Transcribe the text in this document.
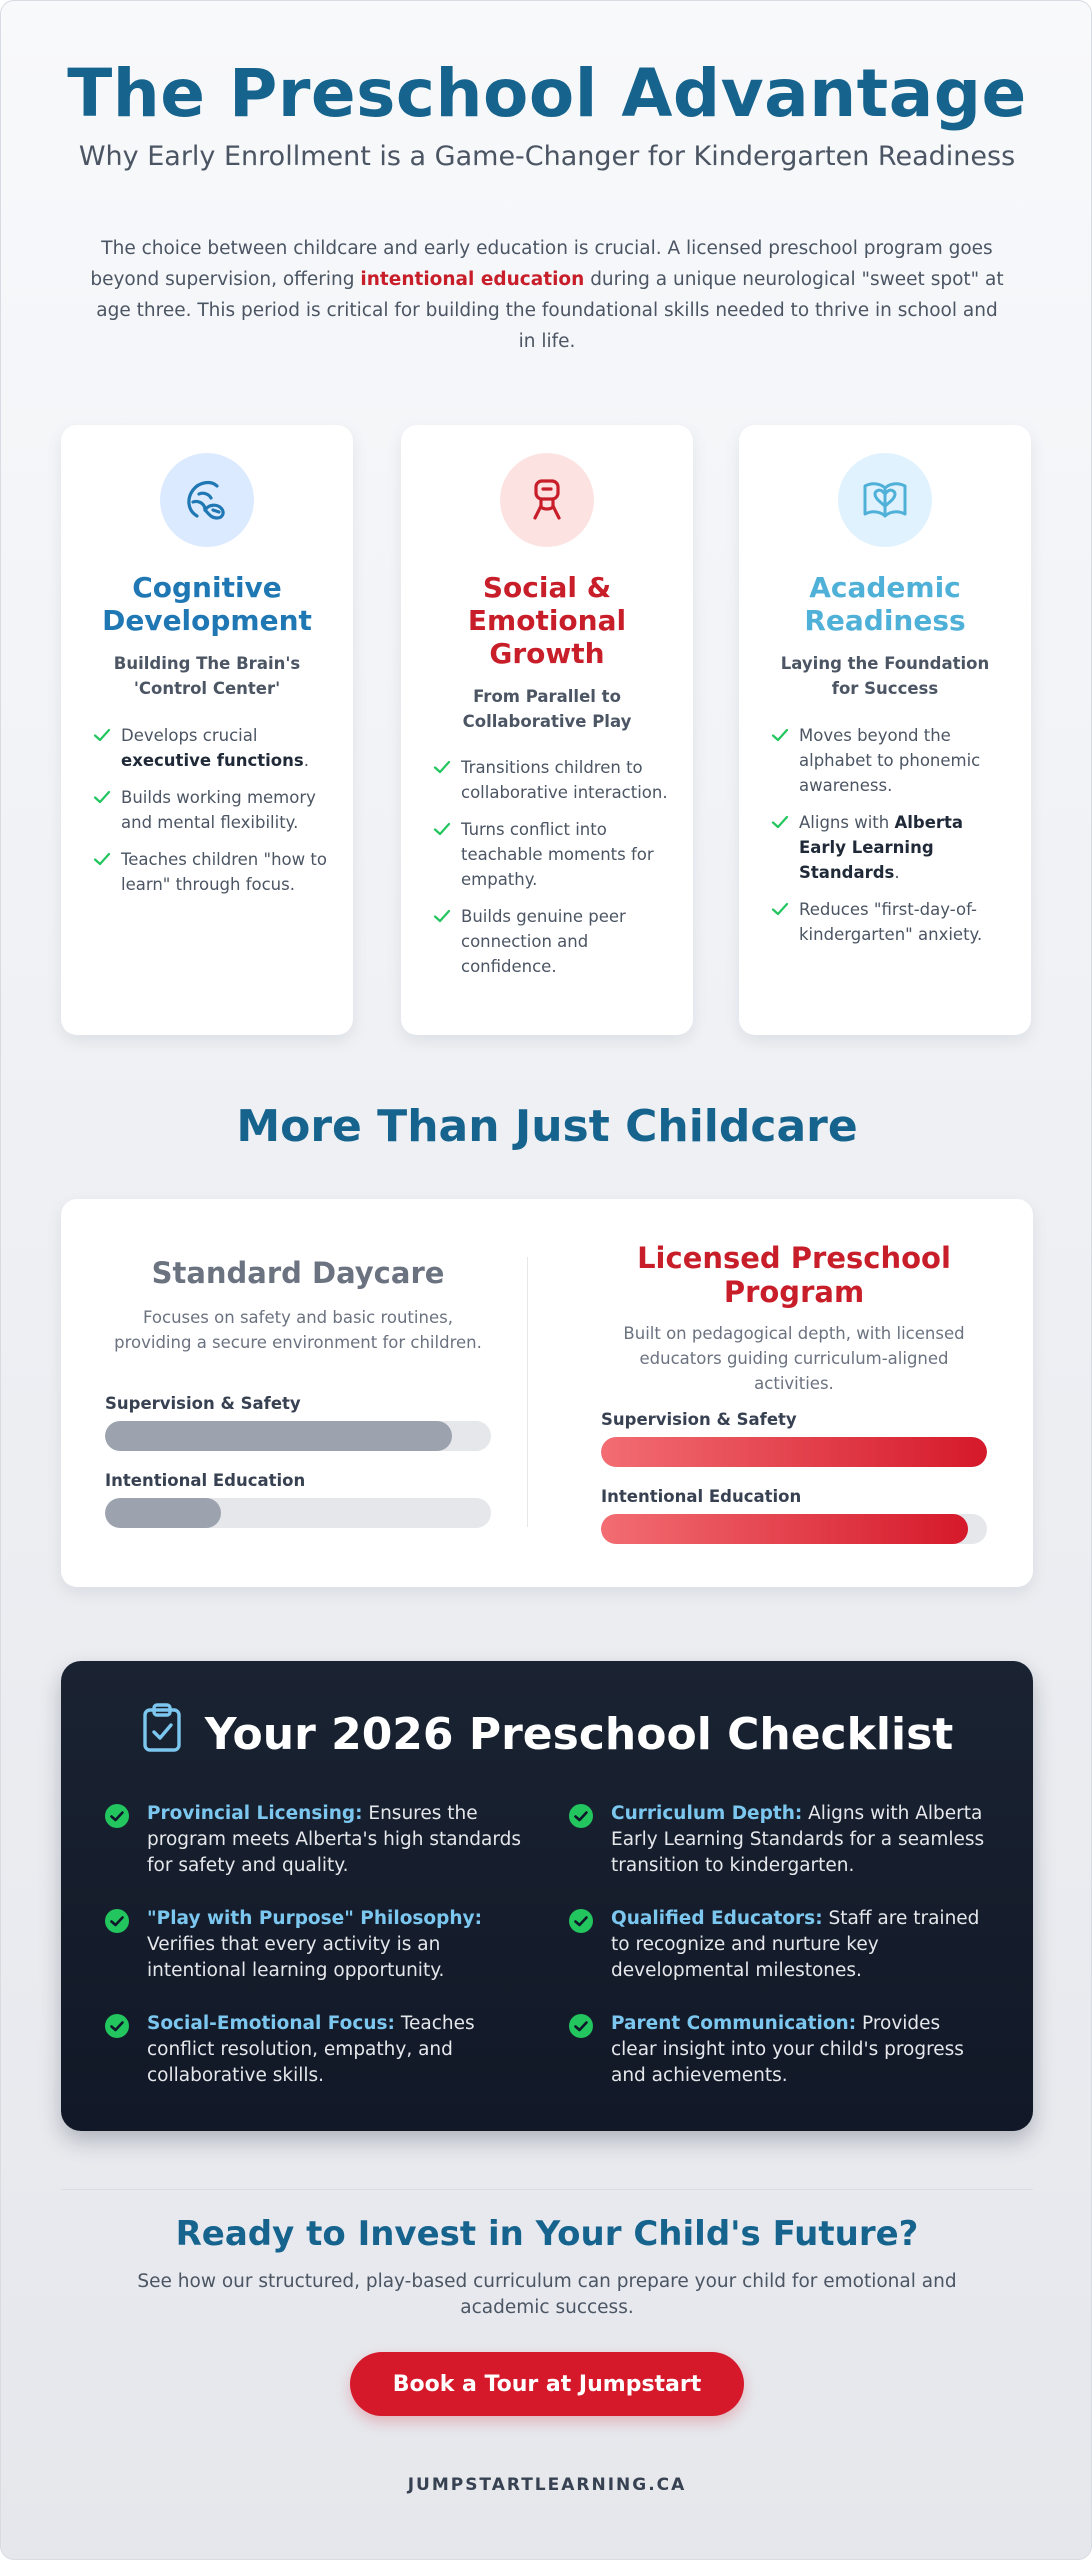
The Preschool Advantage
Why Early Enrollment is a Game-Changer for Kindergarten Readiness

The choice between childcare and early education is crucial. A licensed preschool program goes beyond supervision, offering intentional education during a unique neurological "sweet spot" at age three. This period is critical for building the foundational skills needed to thrive in school and in life.

Cognitive Development
Building The Brain's 'Control Center'
Develops crucial executive functions.
Builds working memory and mental flexibility.
Teaches children "how to learn" through focus.
Social & Emotional Growth
From Parallel to Collaborative Play
Transitions children to collaborative interaction.
Turns conflict into teachable moments for empathy.
Builds genuine peer connection and confidence.
Academic Readiness
Laying the Foundation for Success
Moves beyond the alphabet to phonemic awareness.
Aligns with Alberta Early Learning Standards.
Reduces "first-day-of-kindergarten" anxiety.
More Than Just Childcare
Standard Daycare
Focuses on safety and basic routines, providing a secure environment for children.
Supervision & Safety
Intentional Education
Licensed Preschool Program
Built on pedagogical depth, with licensed educators guiding curriculum-aligned activities.
Supervision & Safety
Intentional Education
Your 2026 Preschool Checklist
Provincial Licensing: Ensures the program meets Alberta's high standards for safety and quality.
Curriculum Depth: Aligns with Alberta Early Learning Standards for a seamless transition to kindergarten.
"Play with Purpose" Philosophy: Verifies that every activity is an intentional learning opportunity.
Qualified Educators: Staff are trained to recognize and nurture key developmental milestones.
Social-Emotional Focus: Teaches conflict resolution, empathy, and collaborative skills.
Parent Communication: Provides clear insight into your child's progress and achievements.
Ready to Invest in Your Child's Future?
See how our structured, play-based curriculum can prepare your child for emotional and academic success.
Book a Tour at Jumpstart
JUMPSTARTLEARNING.CA
